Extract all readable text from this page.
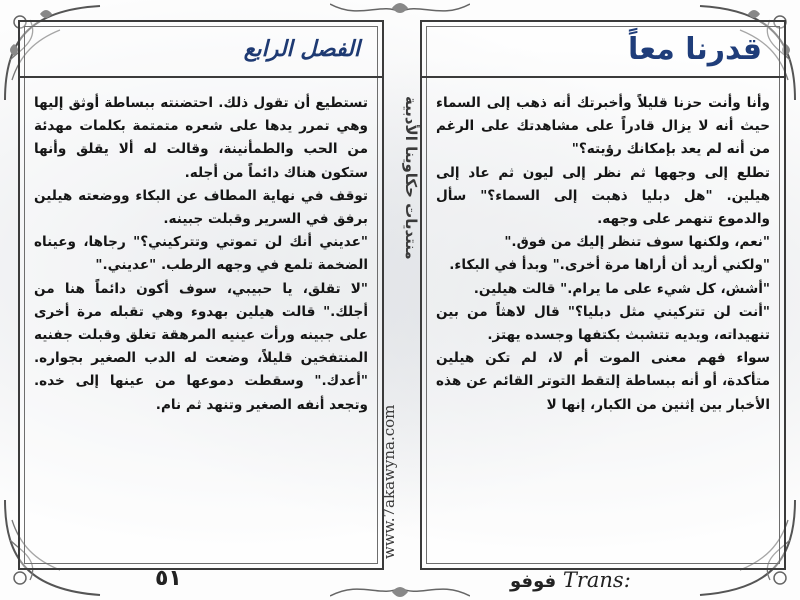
الفصل الرابع

تستطيع أن تقول ذلك. احتضنته ببساطة أوثق إليها وهي تمرر يدها على شعره متمتمة بكلمات مهدئة من الحب والطمأنينة، وقالت له ألا يقلق وأنها ستكون هناك دائماً من أجله.

توقف في نهاية المطاف عن البكاء ووضعته هيلين برفق في السرير وقبلت جبينه.

"عديني أنك لن تموتي وتتركيني؟" رجاها، وعيناه الضخمة تلمع في وجهه الرطب. "عديني."

"لا تقلق، يا حبيبي، سوف أكون دائماً هنا من أجلك." قالت هيلين بهدوء وهي تقبله مرة أخرى على جبينه ورأت عينيه المرهقة تغلق وقبلت جفنيه المنتفخين قليلاً، وضعت له الدب الصغير بجواره. "أعدك." وسقطت دموعها من عينها إلى خده. وتجعد أنفه الصغير وتنهد ثم نام.

منتديات حكاوينا الأدبية
www.7akawyna.com
قدرنا معاً

وأنا وأنت حزنا قليلاً وأخبرتك أنه ذهب إلى السماء حيث أنه لا يزال قادراً على مشاهدتك على الرغم من أنه لم يعد بإمكانك رؤيته؟"

تطلع إلى وجهها ثم نظر إلى ليون ثم عاد إلى هيلين. "هل دبليا ذهبت إلى السماء؟" سأل والدموع تنهمر على وجهه.

"نعم، ولكنها سوف تنظر إليك من فوق."

"ولكني أريد أن أراها مرة أخرى." وبدأ في البكاء.

"أشش، كل شيء على ما يرام." قالت هيلين.

"أنت لن تتركيني مثل دبليا؟" قال لاهثاً من بين تنهيداته، ويديه تتشبث بكتفها وجسده يهتز.

سواء فهم معنى الموت أم لا، لم تكن هيلين متأكدة، أو أنه ببساطة إلتقط التوتر القائم عن هذه الأخبار بين إثنين من الكبار، إنها لا

٥١	فوفو Trans:
